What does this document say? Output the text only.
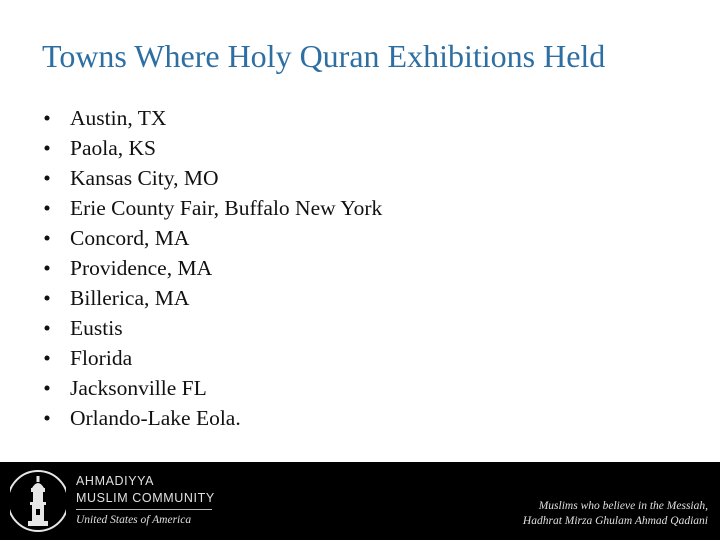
Towns Where Holy Quran Exhibitions Held
• Austin, TX
• Paola, KS
• Kansas City, MO
• Erie County Fair, Buffalo New York
• Concord, MA
• Providence, MA
• Billerica, MA
• Eustis
• Florida
• Jacksonville FL
• Orlando-Lake Eola.
AHMADIYYA
MUSLIM COMMUNITY
United States of America
Muslims who believe in the Messiah,
Hadhrat Mirza Ghulam Ahmad Qadiani
